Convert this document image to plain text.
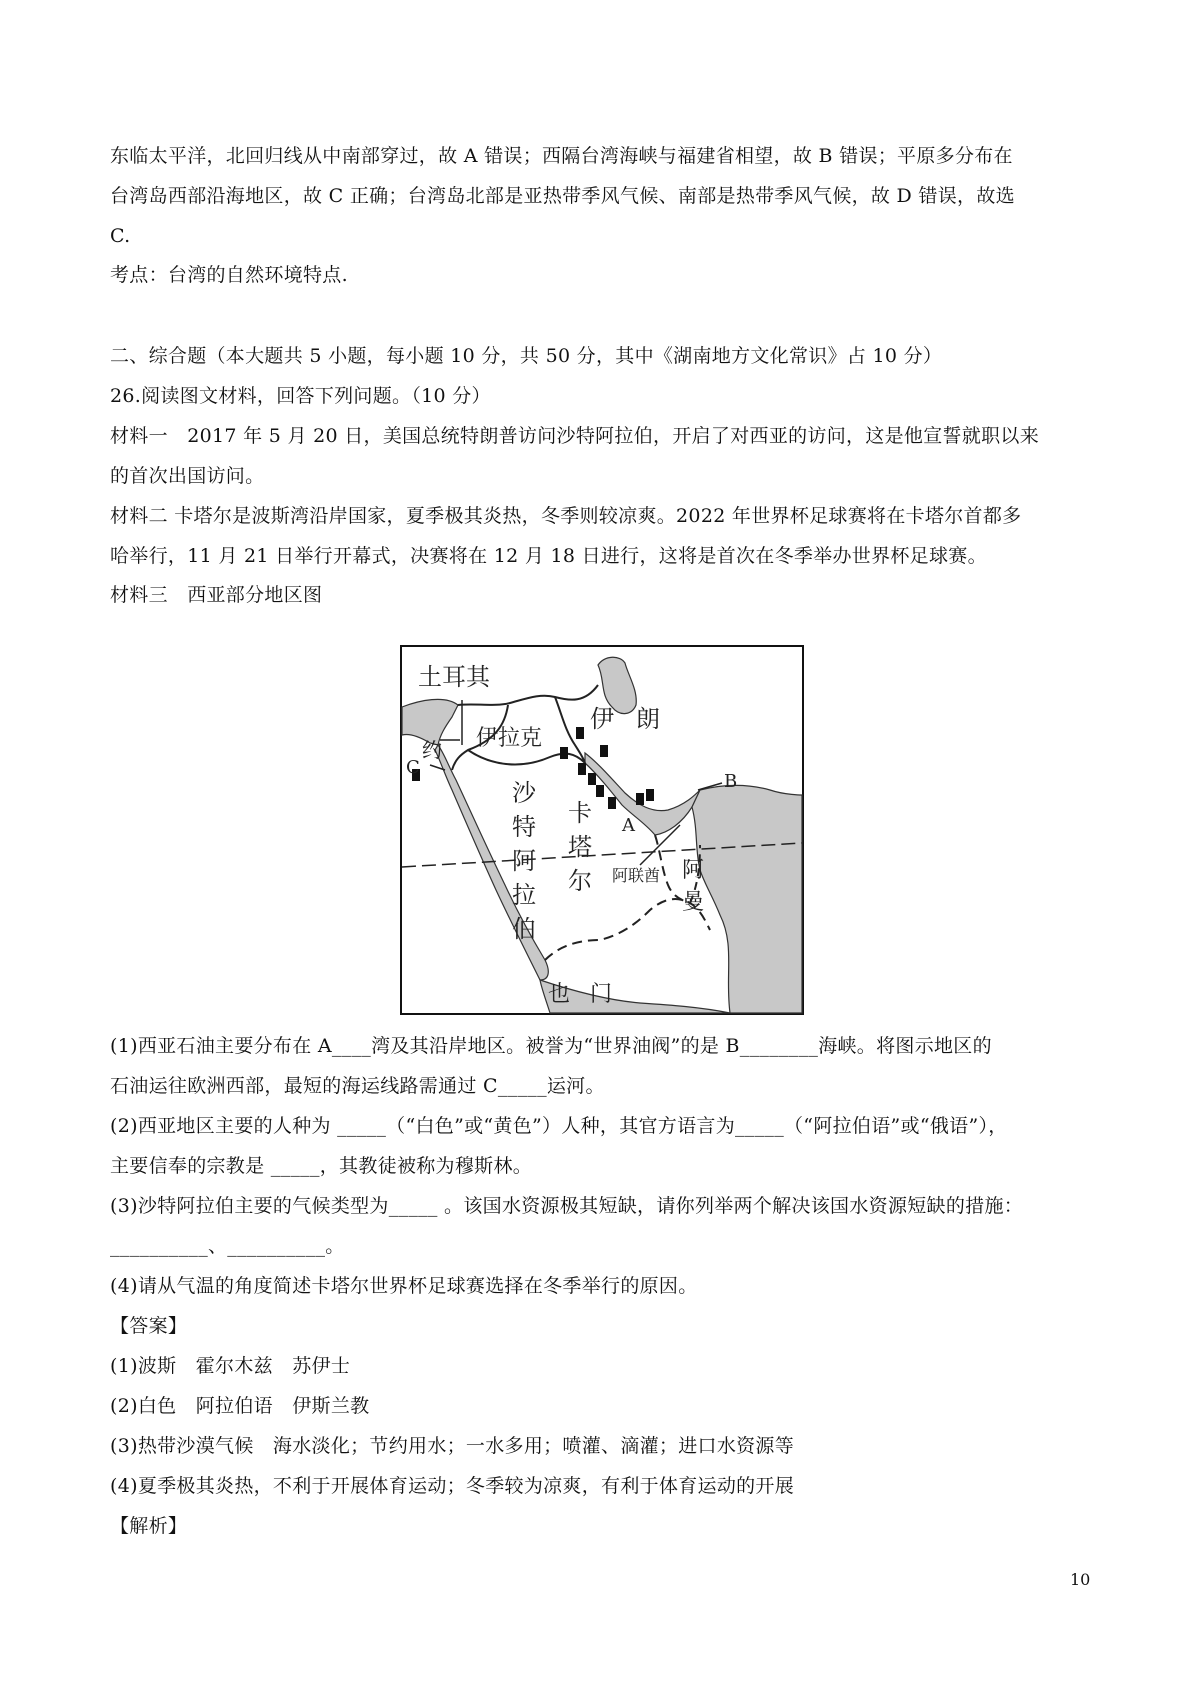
东临太平洋，北回归线从中南部穿过，故 A 错误；西隔台湾海峡与福建省相望，故 B 错误；平原多分布在
台湾岛西部沿海地区，故 C 正确；台湾岛北部是亚热带季风气候、南部是热带季风气候，故 D 错误，故选
C.
考点：台湾的自然环境特点.
二、综合题（本大题共 5 小题，每小题 10 分，共 50 分，其中《湖南地方文化常识》占 10 分）
26.阅读图文材料，回答下列问题。（10 分）
材料一　2017 年 5 月 20 日，美国总统特朗普访问沙特阿拉伯，开启了对西亚的访问，这是他宣誓就职以来
的首次出国访问。
材料二 卡塔尔是波斯湾沿岸国家，夏季极其炎热，冬季则较凉爽。2022 年世界杯足球赛将在卡塔尔首都多
哈举行，11 月 21 日举行开幕式，决赛将在 12 月 18 日进行，这将是首次在冬季举办世界杯足球赛。
材料三　西亚部分地区图
(1)西亚石油主要分布在 A____湾及其沿岸地区。被誉为“世界油阀”的是 B________海峡。将图示地区的
石油运往欧洲西部，最短的海运线路需通过 C_____运河。
(2)西亚地区主要的人种为 _____（“白色”或“黄色”）人种，其官方语言为_____（“阿拉伯语”或“俄语”），
主要信奉的宗教是 _____，其教徒被称为穆斯林。
(3)沙特阿拉伯主要的气候类型为_____ 。该国水资源极其短缺，请你列举两个解决该国水资源短缺的措施：
__________、__________。
(4)请从气温的角度简述卡塔尔世界杯足球赛选择在冬季举行的原因。
【答案】
(1)波斯　霍尔木兹　苏伊士
(2)白色　阿拉伯语　伊斯兰教
(3)热带沙漠气候　海水淡化；节约用水；一水多用；喷灌、滴灌；进口水资源等
(4)夏季极其炎热，不利于开展体育运动；冬季较为凉爽，有利于体育运动的开展
【解析】
土耳其
伊 朗
伊拉克
约
沙
特
阿
拉
伯
卡
塔
尔 阿联酋 阿
曼
也 门
A
B
C
10
